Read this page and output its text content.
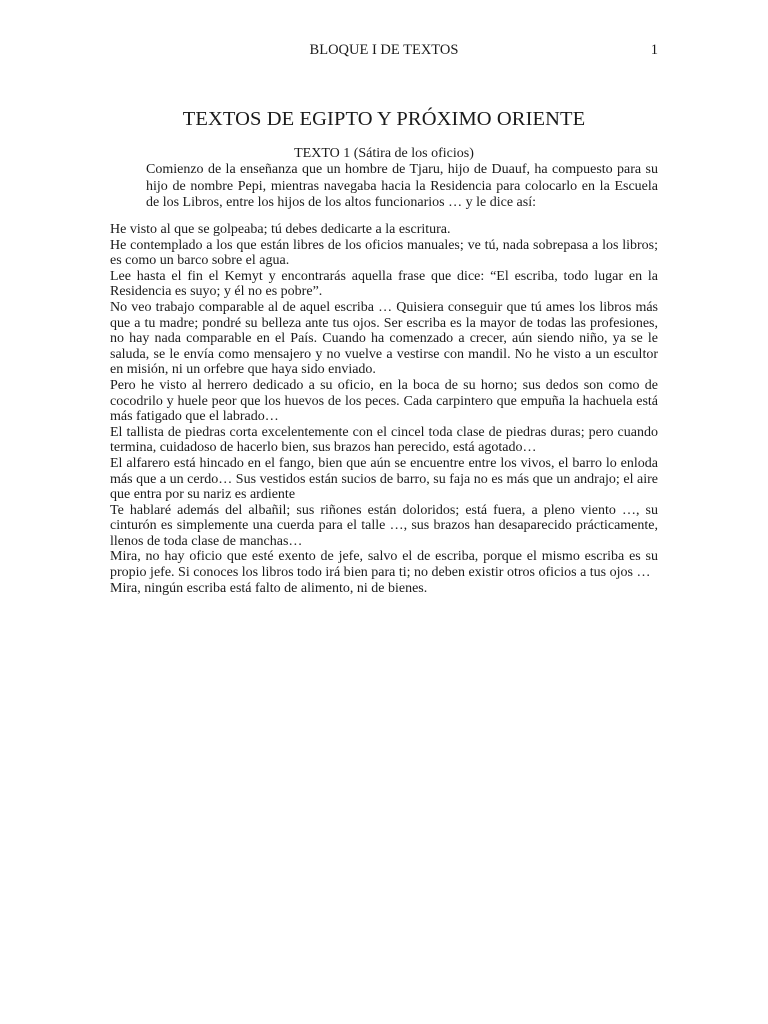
BLOQUE I DE TEXTOS	1
TEXTOS DE EGIPTO Y PRÓXIMO ORIENTE
TEXTO 1 (Sátira de los oficios)

Comienzo de la enseñanza que un hombre de Tjaru, hijo de Duauf, ha compuesto para su hijo de nombre Pepi, mientras navegaba hacia la Residencia para colocarlo en la Escuela de los Libros, entre los hijos de los altos funcionarios … y le dice así:

He visto al que se golpeaba; tú debes dedicarte a la escritura.

He contemplado a los que están libres de los oficios manuales; ve tú, nada sobrepasa a los libros; es como un barco sobre el agua.

Lee hasta el fin el Kemyt y encontrarás aquella frase que dice: “El escriba, todo lugar en la Residencia es suyo; y él no es pobre”.

No veo trabajo comparable al de aquel escriba … Quisiera conseguir que tú ames los libros más que a tu madre; pondré su belleza ante tus ojos. Ser escriba es la mayor de todas las profesiones, no hay nada comparable en el País. Cuando ha comenzado a crecer, aún siendo niño, ya se le saluda, se le envía como mensajero y no vuelve a vestirse con mandil. No he visto a un escultor en misión, ni un orfebre que haya sido enviado.

Pero he visto al herrero dedicado a su oficio, en la boca de su horno; sus dedos son como de cocodrilo y huele peor que los huevos de los peces. Cada carpintero que empuña la hachuela está más fatigado que el labrado…

El tallista de piedras corta excelentemente con el cincel toda clase de piedras duras; pero cuando termina, cuidadoso de hacerlo bien, sus brazos han perecido, está agotado…

El alfarero está hincado en el fango, bien que aún se encuentre entre los vivos, el barro lo enloda más que a un cerdo… Sus vestidos están sucios de barro, su faja no es más que un andrajo; el aire que entra por su nariz es ardiente

Te hablaré además del albañil; sus riñones están doloridos; está fuera, a pleno viento …, su cinturón es simplemente una cuerda para el talle …, sus brazos han desaparecido prácticamente, llenos de toda clase de manchas…

Mira, no hay oficio que esté exento de jefe, salvo el de escriba, porque el mismo escriba es su propio jefe. Si conoces los libros todo irá bien para ti; no deben existir otros oficios a tus ojos …

Mira, ningún escriba está falto de alimento, ni de bienes.
